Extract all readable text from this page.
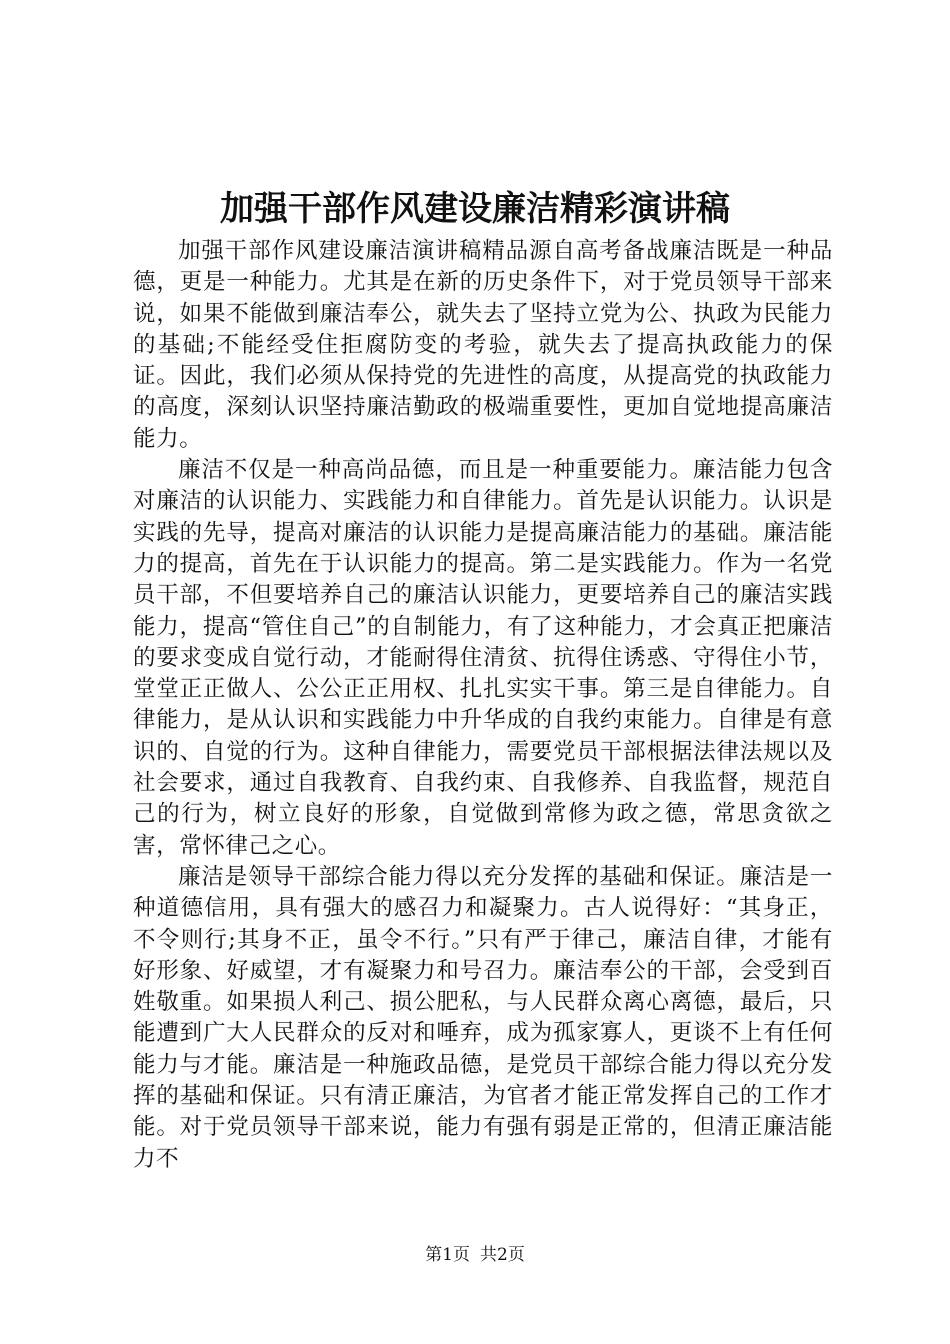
加强干部作风建设廉洁精彩演讲稿

加强干部作风建设廉洁演讲稿精品源自高考备战廉洁既是一种品德，更是一种能力。尤其是在新的历史条件下，对于党员领导干部来说，如果不能做到廉洁奉公，就失去了坚持立党为公、执政为民能力的基础;不能经受住拒腐防变的考验，就失去了提高执政能力的保证。因此，我们必须从保持党的先进性的高度，从提高党的执政能力的高度，深刻认识坚持廉洁勤政的极端重要性，更加自觉地提高廉洁能力。

廉洁不仅是一种高尚品德，而且是一种重要能力。廉洁能力包含对廉洁的认识能力、实践能力和自律能力。首先是认识能力。认识是实践的先导，提高对廉洁的认识能力是提高廉洁能力的基础。廉洁能力的提高，首先在于认识能力的提高。第二是实践能力。作为一名党员干部，不但要培养自己的廉洁认识能力，更要培养自己的廉洁实践能力，提高“管住自己”的自制能力，有了这种能力，才会真正把廉洁的要求变成自觉行动，才能耐得住清贫、抗得住诱惑、守得住小节，堂堂正正做人、公公正正用权、扎扎实实干事。第三是自律能力。自律能力，是从认识和实践能力中升华成的自我约束能力。自律是有意识的、自觉的行为。这种自律能力，需要党员干部根据法律法规以及社会要求，通过自我教育、自我约束、自我修养、自我监督，规范自己的行为，树立良好的形象，自觉做到常修为政之德，常思贪欲之害，常怀律己之心。

廉洁是领导干部综合能力得以充分发挥的基础和保证。廉洁是一种道德信用，具有强大的感召力和凝聚力。古人说得好：“其身正，不令则行;其身不正，虽令不行。”只有严于律己，廉洁自律，才能有好形象、好威望，才有凝聚力和号召力。廉洁奉公的干部，会受到百姓敬重。如果损人利己、损公肥私，与人民群众离心离德，最后，只能遭到广大人民群众的反对和唾弃，成为孤家寡人，更谈不上有任何能力与才能。廉洁是一种施政品德，是党员干部综合能力得以充分发挥的基础和保证。只有清正廉洁，为官者才能正常发挥自己的工作才能。对于党员领导干部来说，能力有强有弱是正常的，但清正廉洁能力不

第1页 共2页
